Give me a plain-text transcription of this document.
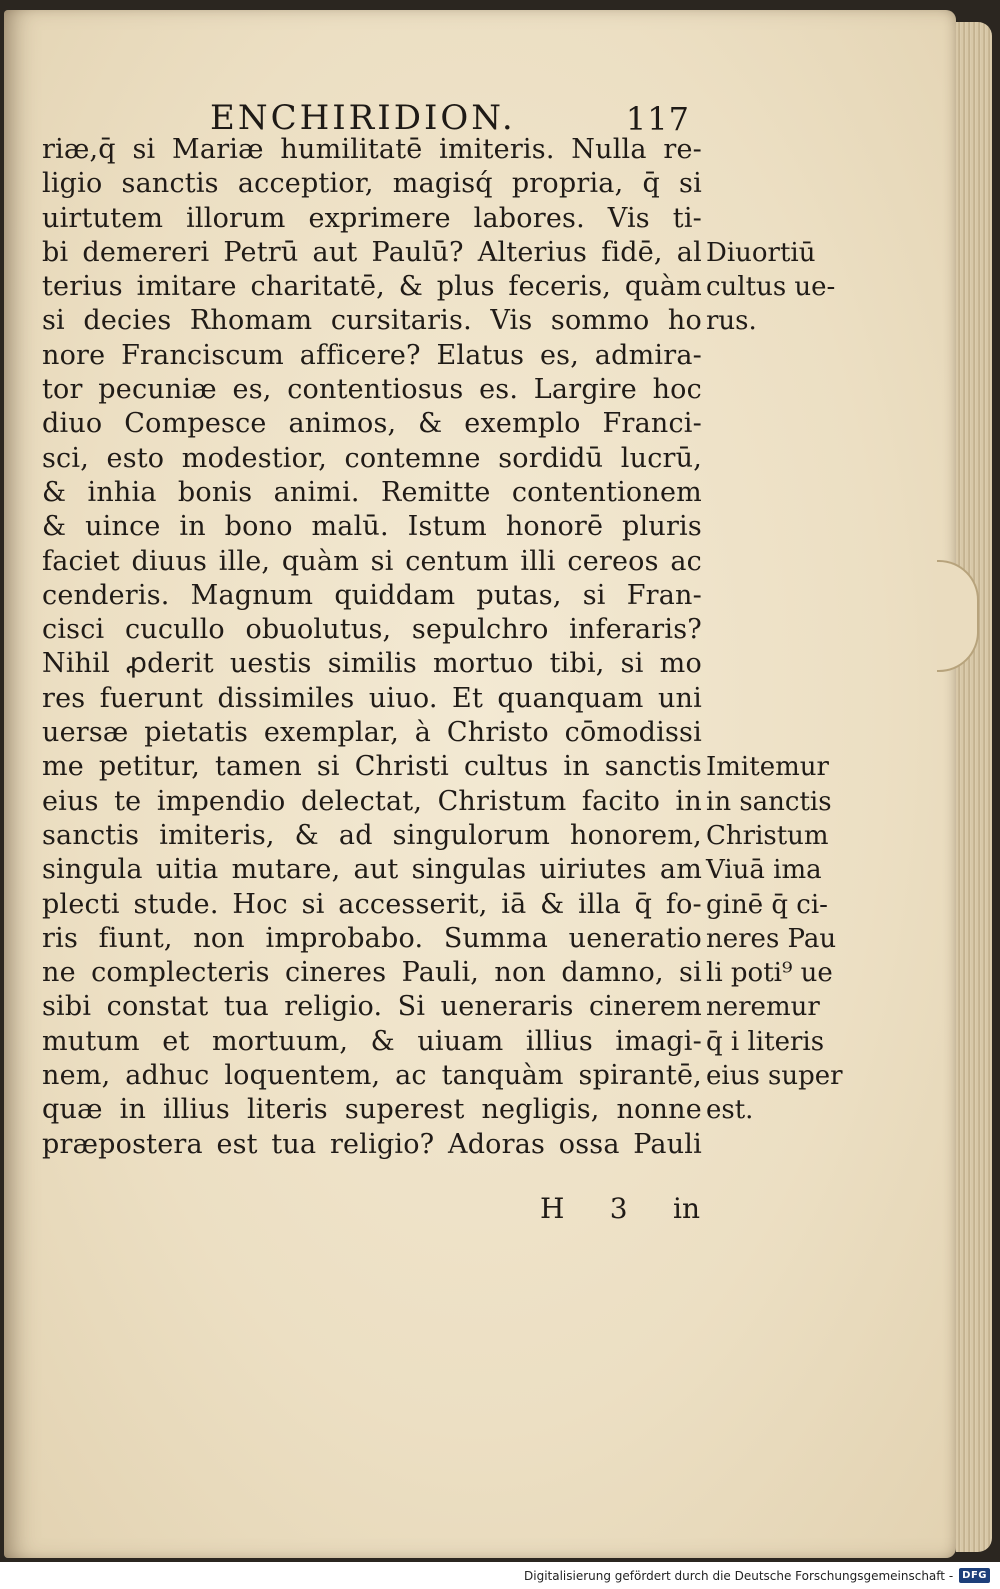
ENCHIRIDION.	117
riæ,q̄ si Mariæ humilitatē imiteris. Nulla re-
ligio sanctis acceptior, magisq́ propria, q̄ si
uirtutem illorum exprimere labores. Vis ti-
bi demereri Petrū aut Paulū? Alterius fidē, al
terius imitare charitatē, & plus feceris, quàm
si decies Rhomam cursitaris. Vis sommo ho
nore Franciscum afficere? Elatus es, admira-
tor pecuniæ es, contentiosus es. Largire hoc
diuo Compesce animos, & exemplo Franci-
sci, esto modestior, contemne sordidū lucrū,
& inhia bonis animi. Remitte contentionem
& uince in bono malū. Istum honorē pluris
faciet diuus ille, quàm si centum illi cereos ac
cenderis. Magnum quiddam putas, si Fran-
cisci cucullo obuolutus, sepulchro inferaris?
Nihil ꝓderit uestis similis mortuo tibi, si mo
res fuerunt dissimiles uiuo. Et quanquam uni
uersæ pietatis exemplar, à Christo cōmodissi
me petitur, tamen si Christi cultus in sanctis
eius te impendio delectat, Christum facito in
sanctis imiteris, & ad singulorum honorem,
singula uitia mutare, aut singulas uiriutes am
plecti stude. Hoc si accesserit, iā & illa q̄ fo-
ris fiunt, non improbabo. Summa ueneratio
ne complecteris cineres Pauli, non damno, si
sibi constat tua religio. Si ueneraris cinerem
mutum et mortuum, & uiuam illius imagi-
nem, adhuc loquentem, ac tanquàm spirantē,
quæ in illius literis superest negligis, nonne
præpostera est tua religio? Adoras ossa Pauli
Diuortiū
cultus ue-
rus.
Imitemur
in sanctis
Christum
Viuā ima
ginē q̄ ci-
neres Pau
li poti⁹ ue
neremur
q̄ i literis
eius super
est.
H 3 in
Digitalisierung gefördert durch die Deutsche Forschungsgemeinschaft - DFG
